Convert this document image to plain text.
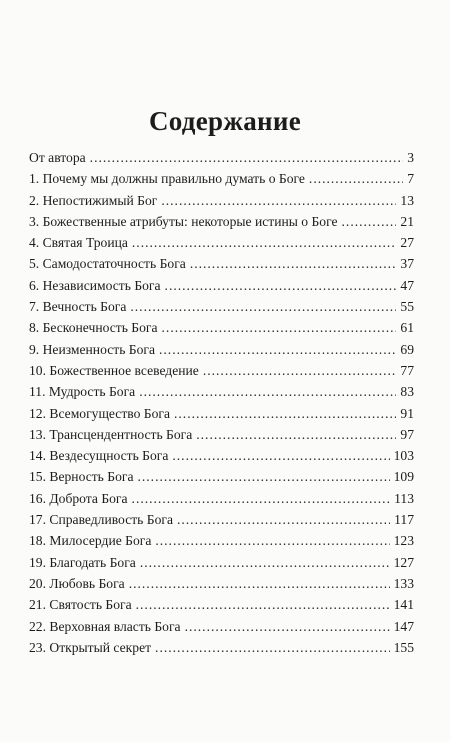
Содержание
От автора . . .	3
1. Почему мы должны правильно думать о Боге . . .	7
2. Непостижимый Бог . . .	13
3. Божественные атрибуты: некоторые истины о Боге . . .	21
4. Святая Троица . . .	27
5. Самодостаточность Бога . . .	37
6. Независимость Бога . . .	47
7. Вечность Бога . . .	55
8. Бесконечность Бога . . .	61
9. Неизменность Бога . . .	69
10. Божественное всеведение . . .	77
11. Мудрость Бога . . .	83
12. Всемогущество Бога . . .	91
13. Трансцендентность Бога . . .	97
14. Вездесущность Бога . . .	103
15. Верность Бога . . .	109
16. Доброта Бога . . .	113
17. Справедливость Бога . . .	117
18. Милосердие Бога . . .	123
19. Благодать Бога . . .	127
20. Любовь Бога . . .	133
21. Святость Бога . . .	141
22. Верховная власть Бога . . .	147
23. Открытый секрет . . .	155
